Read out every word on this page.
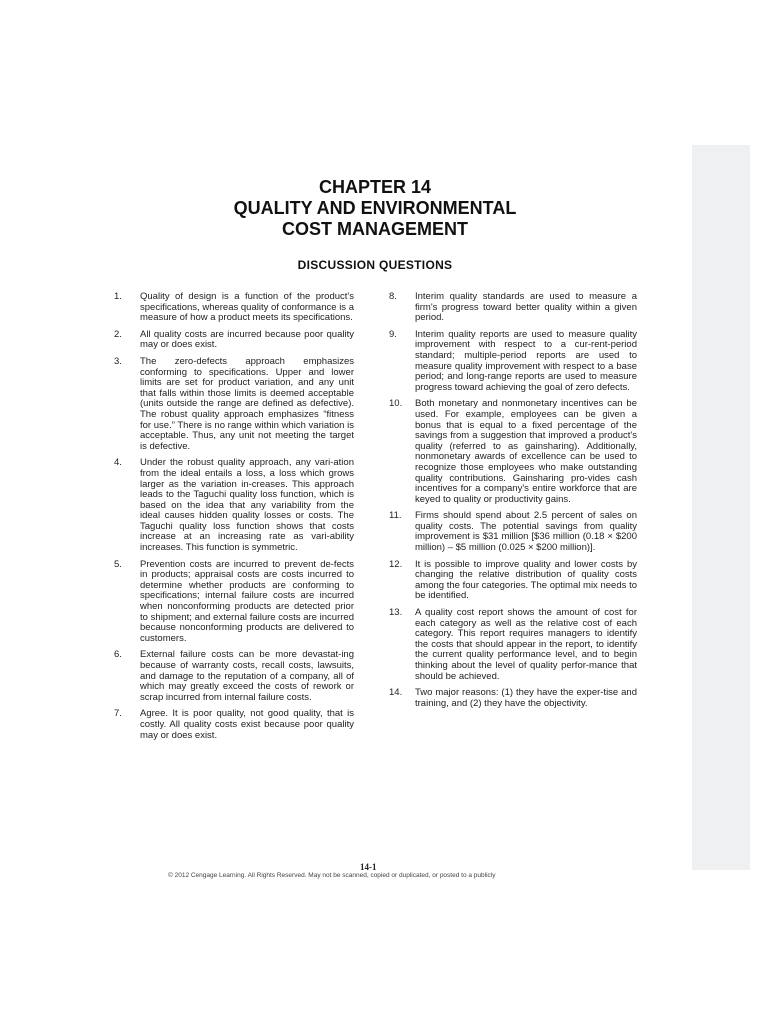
CHAPTER 14
QUALITY AND ENVIRONMENTAL
COST MANAGEMENT
DISCUSSION QUESTIONS
1.	Quality of design is a function of the product's specifications, whereas quality of conformance is a measure of how a product meets its specifications.
2.	All quality costs are incurred because poor quality may or does exist.
3.	The zero-defects approach emphasizes conforming to specifications. Upper and lower limits are set for product variation, and any unit that falls within those limits is deemed acceptable (units outside the range are defined as defective). The robust quality approach emphasizes “fitness for use.” There is no range within which variation is acceptable. Thus, any unit not meeting the target is defective.
4.	Under the robust quality approach, any vari-ation from the ideal entails a loss, a loss which grows larger as the variation in-creases. This approach leads to the Taguchi quality loss function, which is based on the idea that any variability from the ideal causes hidden quality losses or costs. The Taguchi quality loss function shows that costs increase at an increasing rate as vari-ability increases. This function is symmetric.
5.	Prevention costs are incurred to prevent de-fects in products; appraisal costs are costs incurred to determine whether products are conforming to specifications; internal failure costs are incurred when nonconforming products are detected prior to shipment; and external failure costs are incurred because nonconforming products are delivered to customers.
6.	External failure costs can be more devastat-ing because of warranty costs, recall costs, lawsuits, and damage to the reputation of a company, all of which may greatly exceed the costs of rework or scrap incurred from internal failure costs.
7.	Agree. It is poor quality, not good quality, that is costly. All quality costs exist because poor quality may or does exist.
8.	Interim quality standards are used to measure a firm's progress toward better quality within a given period.
9.	Interim quality reports are used to measure quality improvement with respect to a cur-rent-period standard; multiple-period reports are used to measure quality improvement with respect to a base period; and long-range reports are used to measure progress toward achieving the goal of zero defects.
10.	Both monetary and nonmonetary incentives can be used. For example, employees can be given a bonus that is equal to a fixed percentage of the savings from a suggestion that improved a product's quality (referred to as gainsharing). Additionally, nonmonetary awards of excellence can be used to recognize those employees who make outstanding quality contributions. Gainsharing pro-vides cash incentives for a company's entire workforce that are keyed to quality or productivity gains.
11.	Firms should spend about 2.5 percent of sales on quality costs. The potential savings from quality improvement is $31 million [$36 million (0.18 × $200 million) – $5 million (0.025 × $200 million)].
12.	It is possible to improve quality and lower costs by changing the relative distribution of quality costs among the four categories. The optimal mix needs to be identified.
13.	A quality cost report shows the amount of cost for each category as well as the relative cost of each category. This report requires managers to identify the costs that should appear in the report, to identify the current quality performance level, and to begin thinking about the level of quality perfor-mance that should be achieved.
14.	Two major reasons: (1) they have the exper-tise and training, and (2) they have the objectivity.
14-1
© 2012 Cengage Learning. All Rights Reserved. May not be scanned, copied or duplicated, or posted to a publicly
